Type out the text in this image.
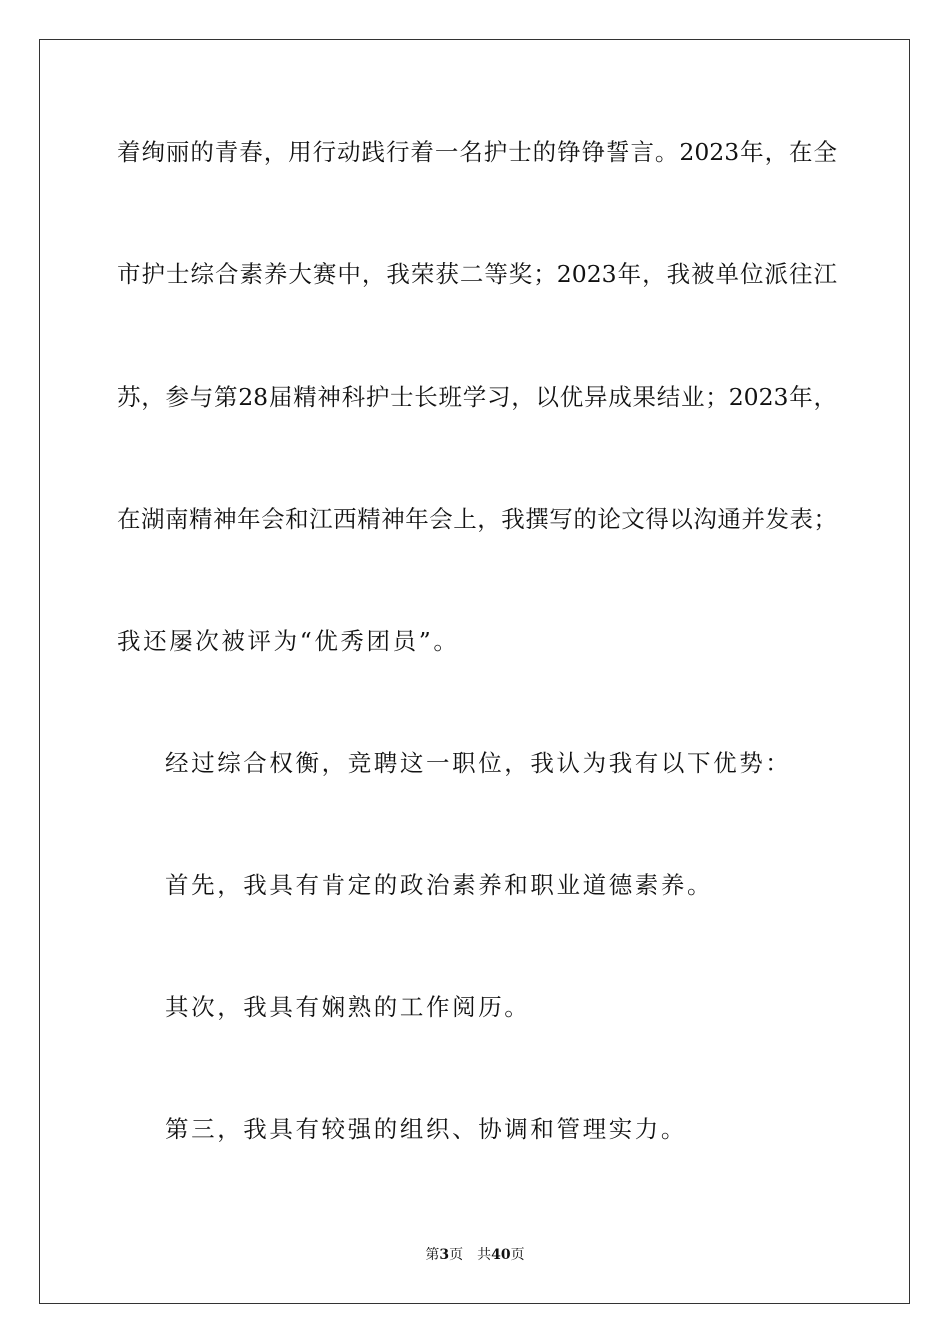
着绚丽的青春，用行动践行着一名护士的铮铮誓言。2023年，在全
市护士综合素养大赛中，我荣获二等奖；2023年，我被单位派往江
苏，参与第28届精神科护士长班学习，以优异成果结业；2023年，
在湖南精神年会和江西精神年会上，我撰写的论文得以沟通并发表；
我还屡次被评为“优秀团员”。
经过综合权衡，竞聘这一职位，我认为我有以下优势：
首先，我具有肯定的政治素养和职业道德素养。
其次，我具有娴熟的工作阅历。
第三，我具有较强的组织、协调和管理实力。
第3页 共40页
